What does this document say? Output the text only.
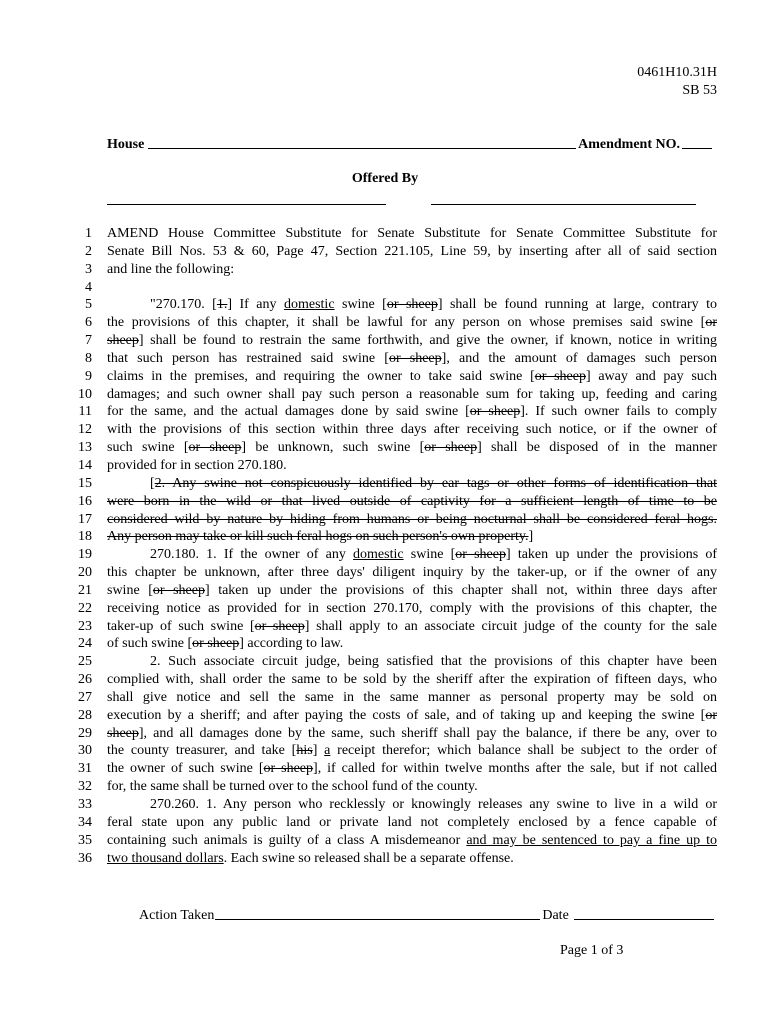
0461H10.31H
SB 53
House	Amendment NO.
Offered By
1 AMEND House Committee Substitute for Senate Substitute for Senate Committee Substitute for
2 Senate Bill Nos. 53 & 60, Page 47, Section 221.105, Line 59, by inserting after all of said section
3 and line the following:
4
5	"270.170. [1.] If any domestic swine [or sheep] shall be found running at large, contrary to
6 the provisions of this chapter, it shall be lawful for any person on whose premises said swine [or
7 sheep] shall be found to restrain the same forthwith, and give the owner, if known, notice in writing
8 that such person has restrained said swine [or sheep], and the amount of damages such person
9 claims in the premises, and requiring the owner to take said swine [or sheep] away and pay such
10 damages; and such owner shall pay such person a reasonable sum for taking up, feeding and caring
11 for the same, and the actual damages done by said swine [or sheep]. If such owner fails to comply
12 with the provisions of this section within three days after receiving such notice, or if the owner of
13 such swine [or sheep] be unknown, such swine [or sheep] shall be disposed of in the manner
14 provided for in section 270.180.
15	[2. Any swine not conspicuously identified by ear tags or other forms of identification that
16 were born in the wild or that lived outside of captivity for a sufficient length of time to be
17 considered wild by nature by hiding from humans or being nocturnal shall be considered feral hogs.
18 Any person may take or kill such feral hogs on such person's own property.]
19	270.180. 1. If the owner of any domestic swine [or sheep] taken up under the provisions of
20 this chapter be unknown, after three days' diligent inquiry by the taker-up, or if the owner of any
21 swine [or sheep] taken up under the provisions of this chapter shall not, within three days after
22 receiving notice as provided for in section 270.170, comply with the provisions of this chapter, the
23 taker-up of such swine [or sheep] shall apply to an associate circuit judge of the county for the sale
24 of such swine [or sheep] according to law.
25	2. Such associate circuit judge, being satisfied that the provisions of this chapter have been
26 complied with, shall order the same to be sold by the sheriff after the expiration of fifteen days, who
27 shall give notice and sell the same in the same manner as personal property may be sold on
28 execution by a sheriff; and after paying the costs of sale, and of taking up and keeping the swine [or
29 sheep], and all damages done by the same, such sheriff shall pay the balance, if there be any, over to
30 the county treasurer, and take [his] a receipt therefor; which balance shall be subject to the order of
31 the owner of such swine [or sheep], if called for within twelve months after the sale, but if not called
32 for, the same shall be turned over to the school fund of the county.
33	270.260. 1. Any person who recklessly or knowingly releases any swine to live in a wild or
34 feral state upon any public land or private land not completely enclosed by a fence capable of
35 containing such animals is guilty of a class A misdemeanor and may be sentenced to pay a fine up to
36 two thousand dollars. Each swine so released shall be a separate offense.
Action Taken	Date
Page 1 of 3
